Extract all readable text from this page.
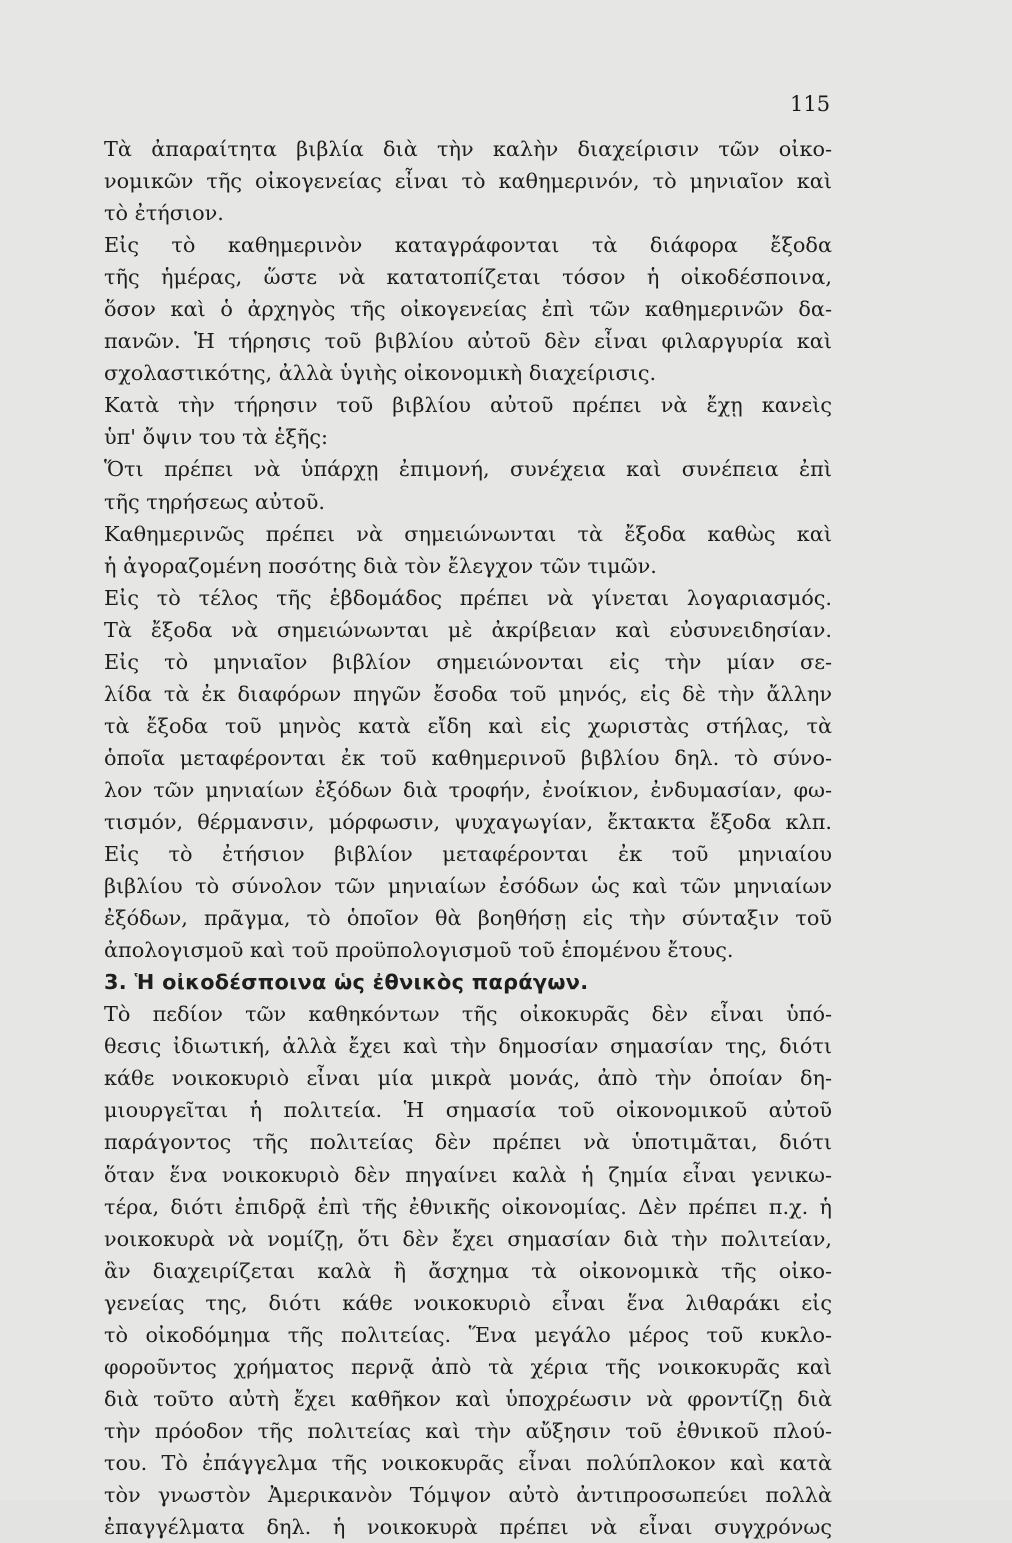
115
Τὰ ἀπαραίτητα βιβλία διὰ τὴν καλὴν διαχείρισιν τῶν οἰκο-
νομικῶν τῆς οἰκογενείας εἶναι τὸ καθημερινόν, τὸ μηνιαῖον καὶ
τὸ ἐτήσιον.
Εἰς τὸ καθημερινὸν καταγράφονται τὰ διάφορα ἔξοδα
τῆς ἡμέρας, ὥστε νὰ κατατοπίζεται τόσον ἡ οἰκοδέσποινα,
ὅσον καὶ ὁ ἀρχηγὸς τῆς οἰκογενείας ἐπὶ τῶν καθημερινῶν δα-
πανῶν. Ἡ τήρησις τοῦ βιβλίου αὐτοῦ δὲν εἶναι φιλαργυρία καὶ
σχολαστικότης, ἀλλὰ ὑγιὴς οἰκονομικὴ διαχείρισις.
Κατὰ τὴν τήρησιν τοῦ βιβλίου αὐτοῦ πρέπει νὰ ἔχῃ κανεὶς
ὑπ' ὄψιν του τὰ ἑξῆς:
Ὅτι πρέπει νὰ ὑπάρχῃ ἐπιμονή, συνέχεια καὶ συνέπεια ἐπὶ
τῆς τηρήσεως αὐτοῦ.
Καθημερινῶς πρέπει νὰ σημειώνωνται τὰ ἔξοδα καθὼς καὶ
ἡ ἀγοραζομένη ποσότης διὰ τὸν ἔλεγχον τῶν τιμῶν.
Εἰς τὸ τέλος τῆς ἑβδομάδος πρέπει νὰ γίνεται λογαριασμός.
Τὰ ἔξοδα νὰ σημειώνωνται μὲ ἀκρίβειαν καὶ εὐσυνειδησίαν.
Εἰς τὸ μηνιαῖον βιβλίον σημειώνονται εἰς τὴν μίαν σε-
λίδα τὰ ἐκ διαφόρων πηγῶν ἔσοδα τοῦ μηνός, εἰς δὲ τὴν ἄλλην
τὰ ἔξοδα τοῦ μηνὸς κατὰ εἴδη καὶ εἰς χωριστὰς στήλας, τὰ
ὁποῖα μεταφέρονται ἐκ τοῦ καθημερινοῦ βιβλίου δηλ. τὸ σύνο-
λον τῶν μηνιαίων ἐξόδων διὰ τροφήν, ἐνοίκιον, ἐνδυμασίαν, φω-
τισμόν, θέρμανσιν, μόρφωσιν, ψυχαγωγίαν, ἔκτακτα ἔξοδα κλπ.
Εἰς τὸ ἐτήσιον βιβλίον μεταφέρονται ἐκ τοῦ μηνιαίου
βιβλίου τὸ σύνολον τῶν μηνιαίων ἐσόδων ὡς καὶ τῶν μηνιαίων
ἐξόδων, πρᾶγμα, τὸ ὁποῖον θὰ βοηθήσῃ εἰς τὴν σύνταξιν τοῦ
ἀπολογισμοῦ καὶ τοῦ προϋπολογισμοῦ τοῦ ἑπομένου ἔτους.
3. Ἡ οἰκοδέσποινα ὡς ἐθνικὸς παράγων.
Τὸ πεδίον τῶν καθηκόντων τῆς οἰκοκυρᾶς δὲν εἶναι ὑπό-
θεσις ἰδιωτική, ἀλλὰ ἔχει καὶ τὴν δημοσίαν σημασίαν της, διότι
κάθε νοικοκυριὸ εἶναι μία μικρὰ μονάς, ἀπὸ τὴν ὁποίαν δη-
μιουργεῖται ἡ πολιτεία. Ἡ σημασία τοῦ οἰκονομικοῦ αὐτοῦ
παράγοντος τῆς πολιτείας δὲν πρέπει νὰ ὑποτιμᾶται, διότι
ὅταν ἕνα νοικοκυριὸ δὲν πηγαίνει καλὰ ἡ ζημία εἶναι γενικω-
τέρα, διότι ἐπιδρᾷ ἐπὶ τῆς ἐθνικῆς οἰκονομίας. Δὲν πρέπει π.χ. ἡ
νοικοκυρὰ νὰ νομίζῃ, ὅτι δὲν ἔχει σημασίαν διὰ τὴν πολιτείαν,
ἂν διαχειρίζεται καλὰ ἢ ἄσχημα τὰ οἰκονομικὰ τῆς οἰκο-
γενείας της, διότι κάθε νοικοκυριὸ εἶναι ἕνα λιθαράκι εἰς
τὸ οἰκοδόμημα τῆς πολιτείας. Ἕνα μεγάλο μέρος τοῦ κυκλο-
φοροῦντος χρήματος περνᾷ ἀπὸ τὰ χέρια τῆς νοικοκυρᾶς καὶ
διὰ τοῦτο αὐτὴ ἔχει καθῆκον καὶ ὑποχρέωσιν νὰ φροντίζῃ διὰ
τὴν πρόοδον τῆς πολιτείας καὶ τὴν αὔξησιν τοῦ ἐθνικοῦ πλού-
του. Τὸ ἐπάγγελμα τῆς νοικοκυρᾶς εἶναι πολύπλοκον καὶ κατὰ
τὸν γνωστὸν Ἀμερικανὸν Τόμψον αὐτὸ ἀντιπροσωπεύει πολλὰ
ἐπαγγέλματα δηλ. ἡ νοικοκυρὰ πρέπει νὰ εἶναι συγχρόνως
